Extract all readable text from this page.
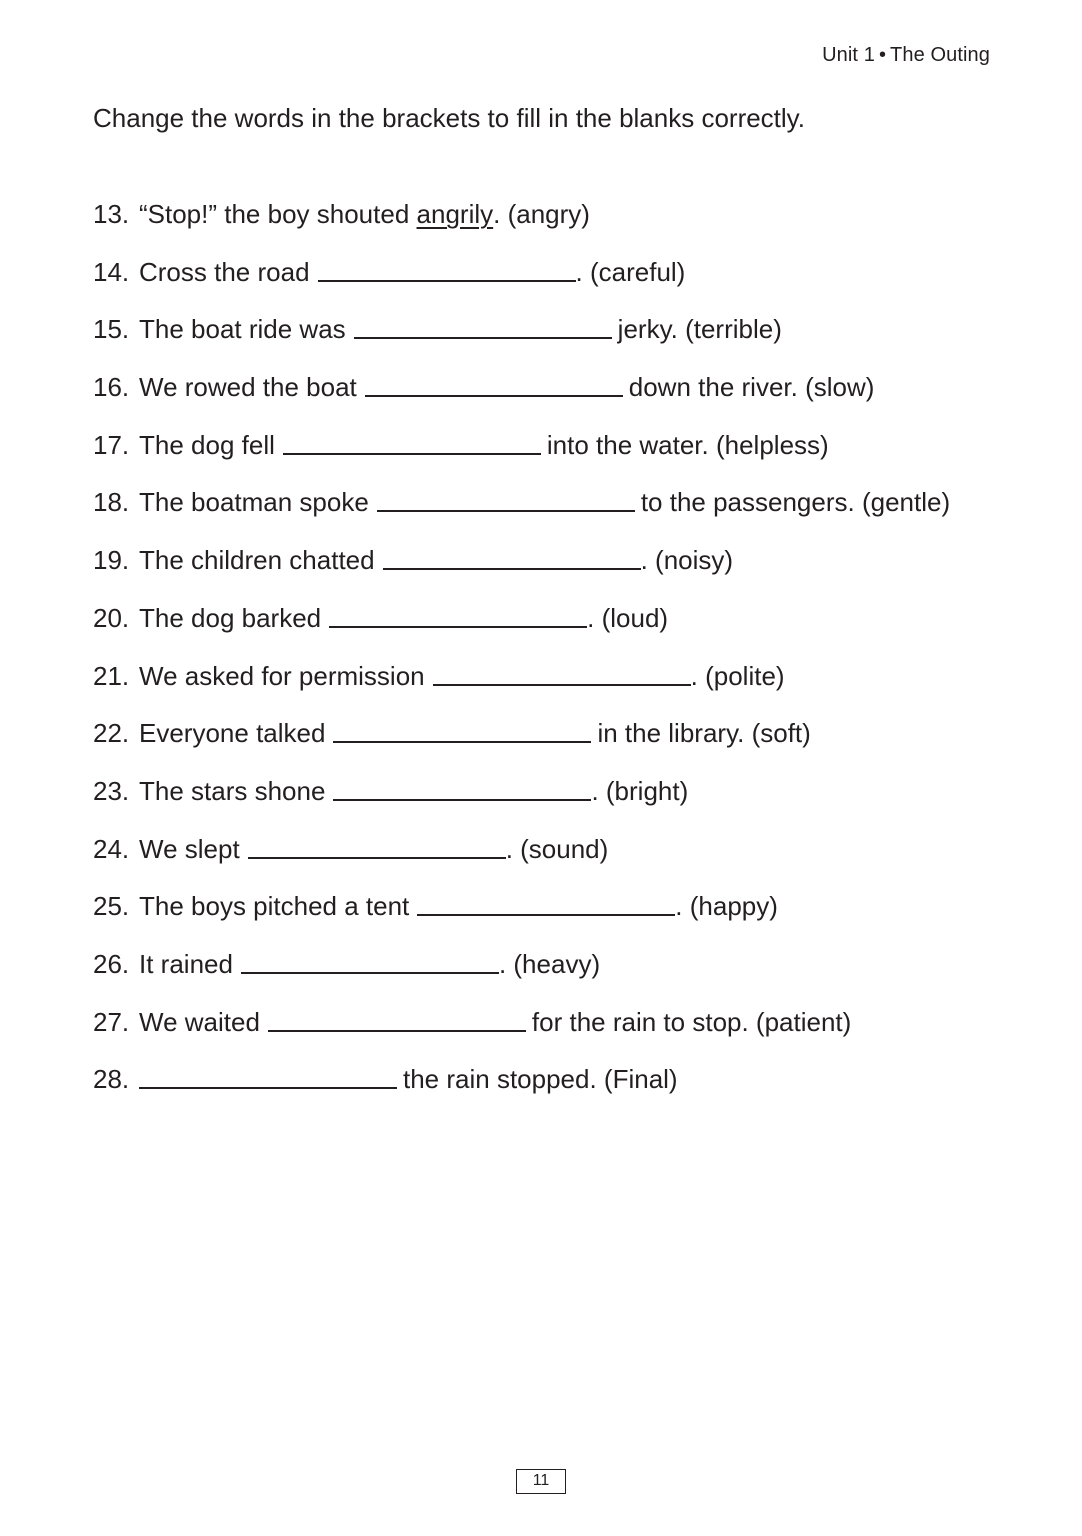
Unit 1 • The Outing
Change the words in the brackets to fill in the blanks correctly.
13. “Stop!” the boy shouted
angrily . (angry)
14. Cross the road	. (careful)
15. The boat ride was	jerky. (terrible)
16. We rowed the boat	down the river. (slow)
17. The dog fell	into the water. (helpless)
18. The boatman spoke	to the passengers. (gentle)
19. The children chatted	. (noisy)
20. The dog barked	. (loud)
21. We asked for permission	. (polite)
22. Everyone talked	in the library. (soft)
23. The stars shone	. (bright)
24. We slept	. (sound)
25. The boys pitched a tent	. (happy)
26. It rained	. (heavy)
27. We waited	for the rain to stop. (patient)
28.	the rain stopped. (Final)
11
